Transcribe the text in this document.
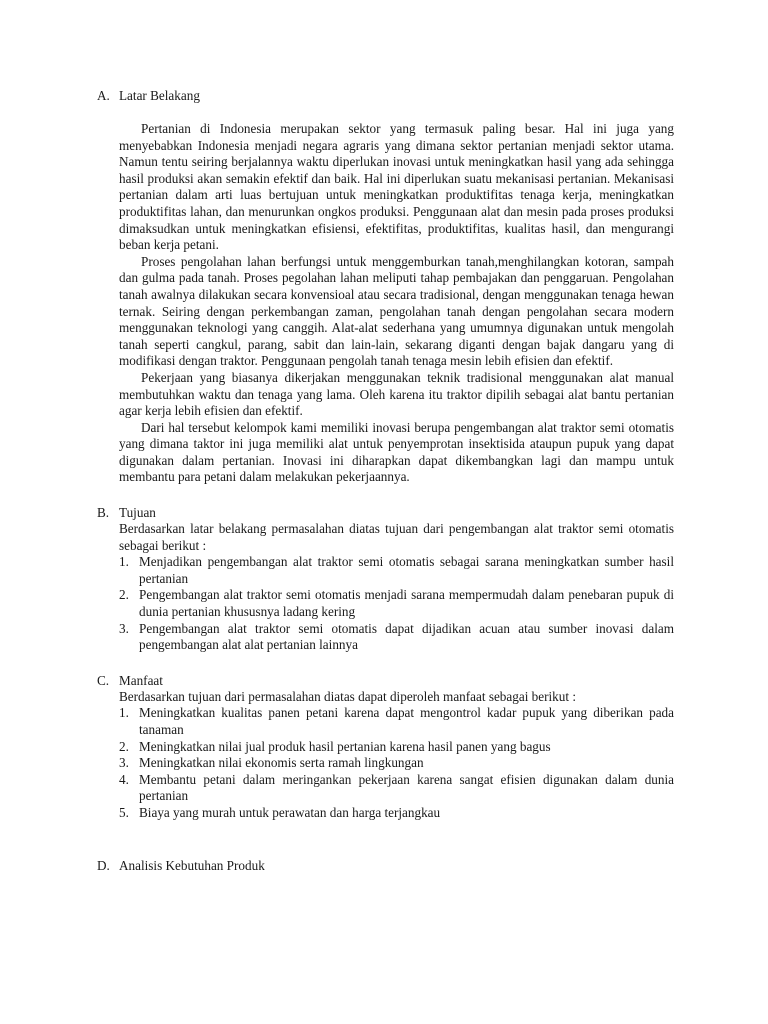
A. Latar Belakang

Pertanian di Indonesia merupakan sektor yang termasuk paling besar. Hal ini juga yang menyebabkan Indonesia menjadi negara agraris yang dimana sektor pertanian menjadi sektor utama. Namun tentu seiring berjalannya waktu diperlukan inovasi untuk meningkatkan hasil yang ada sehingga hasil produksi akan semakin efektif dan baik. Hal ini diperlukan suatu mekanisasi pertanian. Mekanisasi pertanian dalam arti luas bertujuan untuk meningkatkan produktifitas tenaga kerja, meningkatkan produktifitas lahan, dan menurunkan ongkos produksi. Penggunaan alat dan mesin pada proses produksi dimaksudkan untuk meningkatkan efisiensi, efektifitas, produktifitas, kualitas hasil, dan mengurangi beban kerja petani.

Proses pengolahan lahan berfungsi untuk menggemburkan tanah,menghilangkan kotoran, sampah dan gulma pada tanah. Proses pegolahan lahan meliputi tahap pembajakan dan penggaruan. Pengolahan tanah awalnya dilakukan secara konvensioal atau secara tradisional, dengan menggunakan tenaga hewan ternak. Seiring dengan perkembangan zaman, pengolahan tanah dengan pengolahan secara modern menggunakan teknologi yang canggih. Alat-alat sederhana yang umumnya digunakan untuk mengolah tanah seperti cangkul, parang, sabit dan lain-lain, sekarang diganti dengan bajak dangaru yang di modifikasi dengan traktor. Penggunaan pengolah tanah tenaga mesin lebih efisien dan efektif.

Pekerjaan yang biasanya dikerjakan menggunakan teknik tradisional menggunakan alat manual membutuhkan waktu dan tenaga yang lama. Oleh karena itu traktor dipilih sebagai alat bantu pertanian agar kerja lebih efisien dan efektif.

Dari hal tersebut kelompok kami memiliki inovasi berupa pengembangan alat traktor semi otomatis yang dimana taktor ini juga memiliki alat untuk penyemprotan insektisida ataupun pupuk yang dapat digunakan dalam pertanian. Inovasi ini diharapkan dapat dikembangkan lagi dan mampu untuk membantu para petani dalam melakukan pekerjaannya.

B. Tujuan

Berdasarkan latar belakang permasalahan diatas tujuan dari pengembangan alat traktor semi otomatis sebagai berikut :

1. Menjadikan pengembangan alat traktor semi otomatis sebagai sarana meningkatkan sumber hasil pertanian
2. Pengembangan alat traktor semi otomatis menjadi sarana mempermudah dalam penebaran pupuk di dunia pertanian khususnya ladang kering
3. Pengembangan alat traktor semi otomatis dapat dijadikan acuan atau sumber inovasi dalam pengembangan alat alat pertanian lainnya
C. Manfaat

Berdasarkan tujuan dari permasalahan diatas dapat diperoleh manfaat sebagai berikut :

1. Meningkatkan kualitas panen petani karena dapat mengontrol kadar pupuk yang diberikan pada tanaman
2. Meningkatkan nilai jual produk hasil pertanian karena hasil panen yang bagus
3. Meningkatkan nilai ekonomis serta ramah lingkungan
4. Membantu petani dalam meringankan pekerjaan karena sangat efisien digunakan dalam dunia pertanian
5. Biaya yang murah untuk perawatan dan harga terjangkau
D. Analisis Kebutuhan Produk
